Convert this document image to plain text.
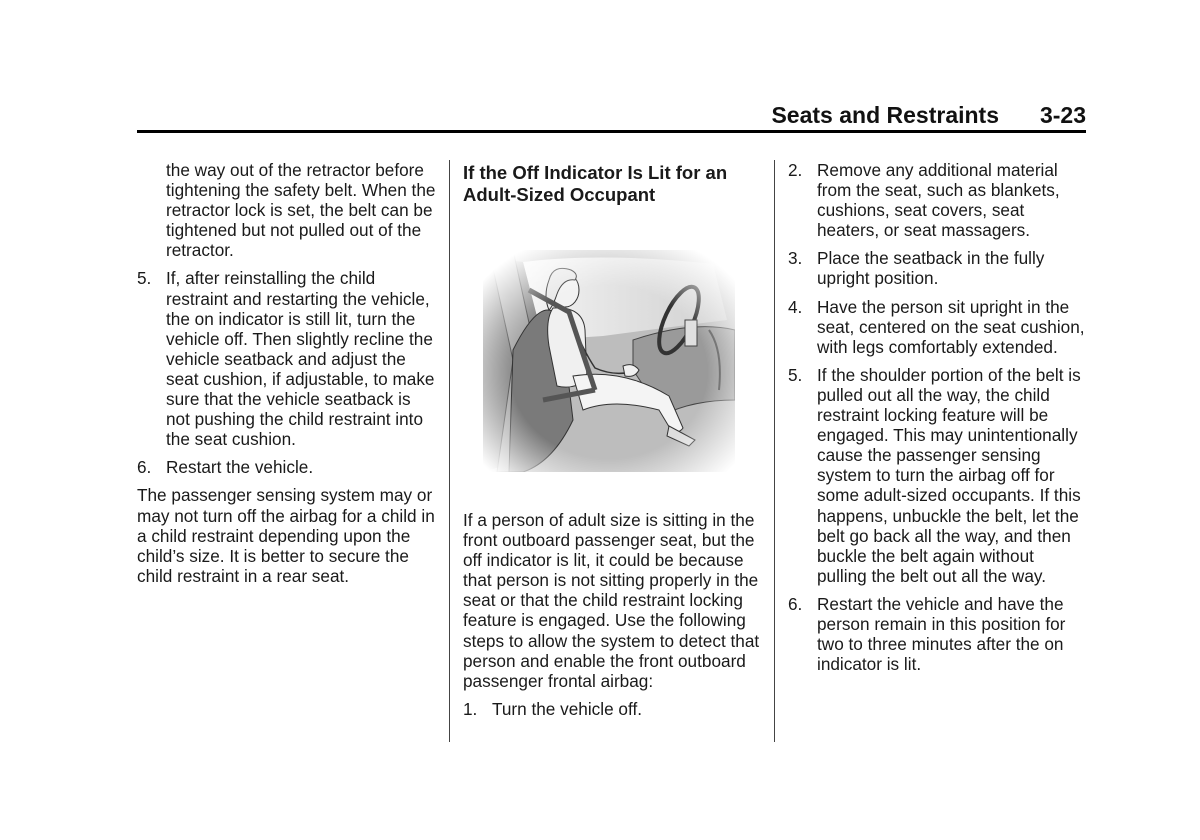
Seats and Restraints 3-23

the way out of the retractor before tightening the safety belt. When the retractor lock is set, the belt can be tightened but not pulled out of the retractor.

5. If, after reinstalling the child restraint and restarting the vehicle, the on indicator is still lit, turn the vehicle off. Then slightly recline the vehicle seatback and adjust the seat cushion, if adjustable, to make sure that the vehicle seatback is not pushing the child restraint into the seat cushion.
6. Restart the vehicle.

The passenger sensing system may or may not turn off the airbag for a child in a child restraint depending upon the child’s size. It is better to secure the child restraint in a rear seat.

If the Off Indicator Is Lit for an Adult-Sized Occupant

If a person of adult size is sitting in the front outboard passenger seat, but the off indicator is lit, it could be because that person is not sitting properly in the seat or that the child restraint locking feature is engaged. Use the following steps to allow the system to detect that person and enable the front outboard passenger frontal airbag:

1. Turn the vehicle off.
2. Remove any additional material from the seat, such as blankets, cushions, seat covers, seat heaters, or seat massagers.
3. Place the seatback in the fully upright position.
4. Have the person sit upright in the seat, centered on the seat cushion, with legs comfortably extended.
5. If the shoulder portion of the belt is pulled out all the way, the child restraint locking feature will be engaged. This may unintentionally cause the passenger sensing system to turn the airbag off for some adult-sized occupants. If this happens, unbuckle the belt, let the belt go back all the way, and then buckle the belt again without pulling the belt out all the way.
6. Restart the vehicle and have the person remain in this position for two to three minutes after the on indicator is lit.
